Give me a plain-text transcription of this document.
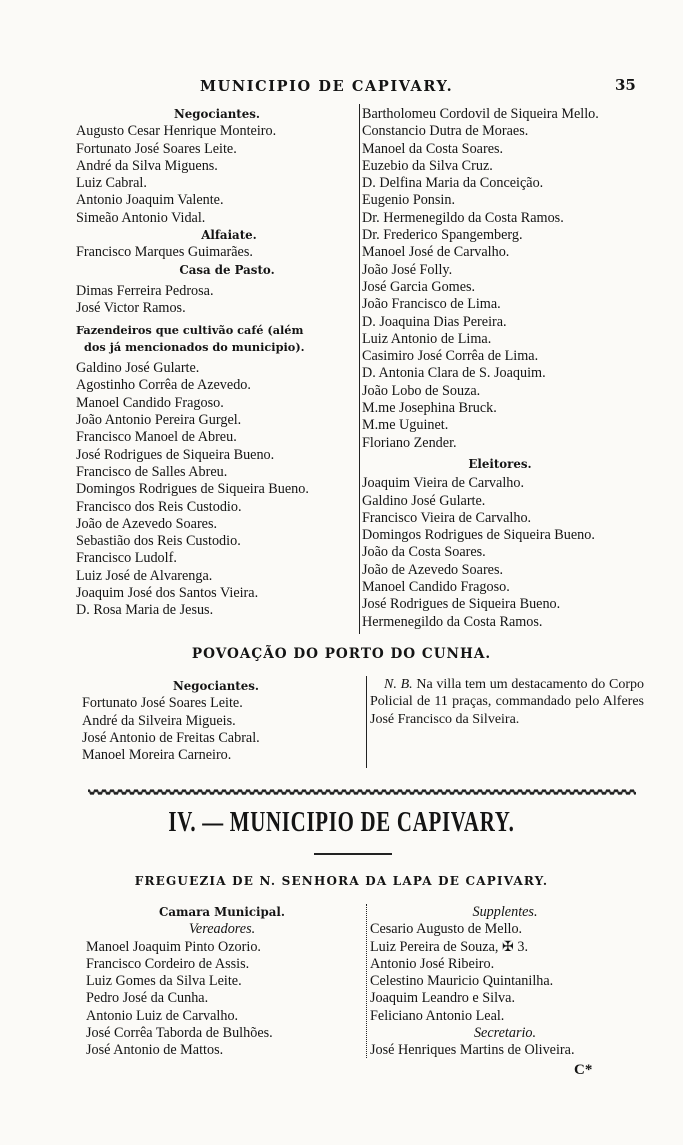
MUNICIPIO DE CAPIVARY.	35
Negociantes.
Augusto Cesar Henrique Monteiro.
Fortunato José Soares Leite.
André da Silva Miguens.
Luiz Cabral.
Antonio Joaquim Valente.
Simeão Antonio Vidal.
Alfaiate.
Francisco Marques Guimarães.
Casa de Pasto.
Dimas Ferreira Pedrosa.
José Victor Ramos.
Fazendeiros que cultivão café (além
dos já mencionados do municipio).
Galdino José Gularte.
Agostinho Corrêa de Azevedo.
Manoel Candido Fragoso.
João Antonio Pereira Gurgel.
Francisco Manoel de Abreu.
José Rodrigues de Siqueira Bueno.
Francisco de Salles Abreu.
Domingos Rodrigues de Siqueira Bueno.
Francisco dos Reis Custodio.
João de Azevedo Soares.
Sebastião dos Reis Custodio.
Francisco Ludolf.
Luiz José de Alvarenga.
Joaquim José dos Santos Vieira.
D. Rosa Maria de Jesus.
Bartholomeu Cordovil de Siqueira Mello.
Constancio Dutra de Moraes.
Manoel da Costa Soares.
Euzebio da Silva Cruz.
D. Delfina Maria da Conceição.
Eugenio Ponsin.
Dr. Hermenegildo da Costa Ramos.
Dr. Frederico Spangemberg.
Manoel José de Carvalho.
João José Folly.
José Garcia Gomes.
João Francisco de Lima.
D. Joaquina Dias Pereira.
Luiz Antonio de Lima.
Casimiro José Corrêa de Lima.
D. Antonia Clara de S. Joaquim.
João Lobo de Souza.
M.me Josephina Bruck.
M.me Uguinet.
Floriano Zender.
Eleitores.
Joaquim Vieira de Carvalho.
Galdino José Gularte.
Francisco Vieira de Carvalho.
Domingos Rodrigues de Siqueira Bueno.
João da Costa Soares.
João de Azevedo Soares.
Manoel Candido Fragoso.
José Rodrigues de Siqueira Bueno.
Hermenegildo da Costa Ramos.
POVOAÇÃO DO PORTO DO CUNHA.
Negociantes.
Fortunato José Soares Leite.
André da Silveira Migueis.
José Antonio de Freitas Cabral.
Manoel Moreira Carneiro.
N. B. Na villa tem um destacamento do Corpo Policial de 11 praças, commandado pelo Alferes José Francisco da Silveira.
IV. — MUNICIPIO DE CAPIVARY.
FREGUEZIA DE N. SENHORA DA LAPA DE CAPIVARY.
Camara Municipal.
Vereadores.
Manoel Joaquim Pinto Ozorio.
Francisco Cordeiro de Assis.
Luiz Gomes da Silva Leite.
Pedro José da Cunha.
Antonio Luiz de Carvalho.
José Corrêa Taborda de Bulhões.
José Antonio de Mattos.
Supplentes.
Cesario Augusto de Mello.
Luiz Pereira de Souza, ✠ 3.
Antonio José Ribeiro.
Celestino Mauricio Quintanilha.
Joaquim Leandro e Silva.
Feliciano Antonio Leal.
Secretario.
José Henriques Martins de Oliveira.
C*
